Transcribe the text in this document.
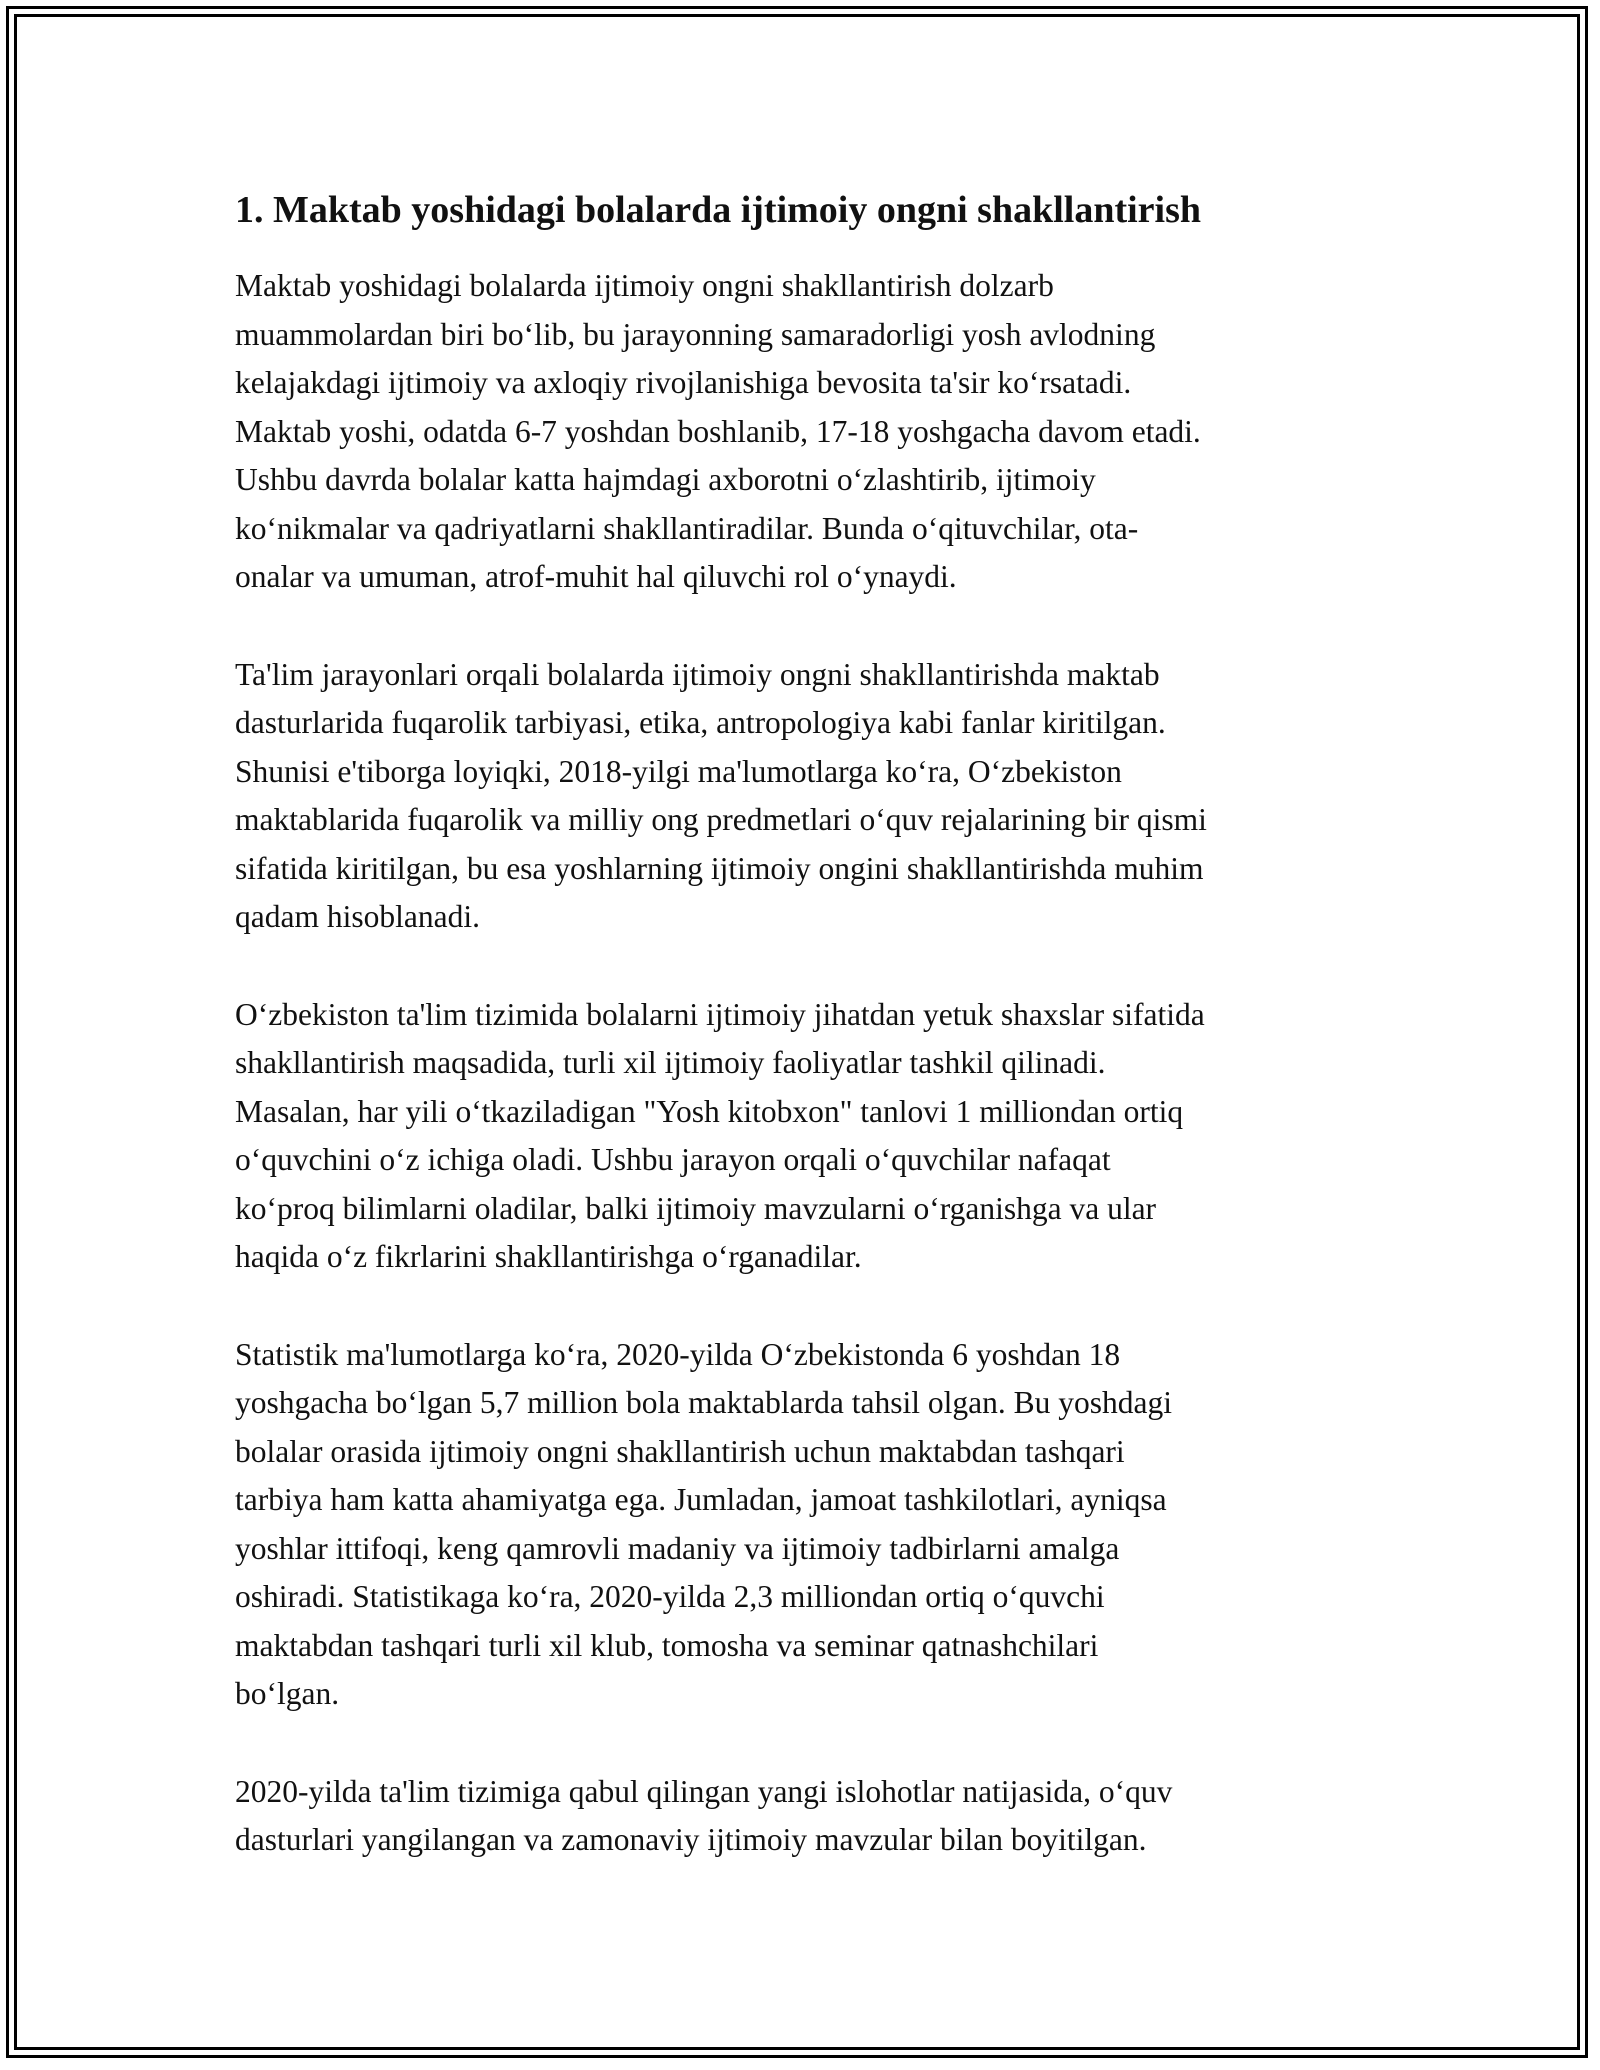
1. Maktab yoshidagi bolalarda ijtimoiy ongni shakllantirish

Maktab yoshidagi bolalarda ijtimoiy ongni shakllantirish dolzarb
muammolardan biri bo‘lib, bu jarayonning samaradorligi yosh avlodning
kelajakdagi ijtimoiy va axloqiy rivojlanishiga bevosita ta'sir ko‘rsatadi.
Maktab yoshi, odatda 6-7 yoshdan boshlanib, 17-18 yoshgacha davom etadi.
Ushbu davrda bolalar katta hajmdagi axborotni o‘zlashtirib, ijtimoiy
ko‘nikmalar va qadriyatlarni shakllantiradilar. Bunda o‘qituvchilar, ota-
onalar va umuman, atrof-muhit hal qiluvchi rol o‘ynaydi.

Ta'lim jarayonlari orqali bolalarda ijtimoiy ongni shakllantirishda maktab
dasturlarida fuqarolik tarbiyasi, etika, antropologiya kabi fanlar kiritilgan.
Shunisi e'tiborga loyiqki, 2018-yilgi ma'lumotlarga ko‘ra, O‘zbekiston
maktablarida fuqarolik va milliy ong predmetlari o‘quv rejalarining bir qismi
sifatida kiritilgan, bu esa yoshlarning ijtimoiy ongini shakllantirishda muhim
qadam hisoblanadi.

O‘zbekiston ta'lim tizimida bolalarni ijtimoiy jihatdan yetuk shaxslar sifatida
shakllantirish maqsadida, turli xil ijtimoiy faoliyatlar tashkil qilinadi.
Masalan, har yili o‘tkaziladigan "Yosh kitobxon" tanlovi 1 milliondan ortiq
o‘quvchini o‘z ichiga oladi. Ushbu jarayon orqali o‘quvchilar nafaqat
ko‘proq bilimlarni oladilar, balki ijtimoiy mavzularni o‘rganishga va ular
haqida o‘z fikrlarini shakllantirishga o‘rganadilar.

Statistik ma'lumotlarga ko‘ra, 2020-yilda O‘zbekistonda 6 yoshdan 18
yoshgacha bo‘lgan 5,7 million bola maktablarda tahsil olgan. Bu yoshdagi
bolalar orasida ijtimoiy ongni shakllantirish uchun maktabdan tashqari
tarbiya ham katta ahamiyatga ega. Jumladan, jamoat tashkilotlari, ayniqsa
yoshlar ittifoqi, keng qamrovli madaniy va ijtimoiy tadbirlarni amalga
oshiradi. Statistikaga ko‘ra, 2020-yilda 2,3 milliondan ortiq o‘quvchi
maktabdan tashqari turli xil klub, tomosha va seminar qatnashchilari
bo‘lgan.

2020-yilda ta'lim tizimiga qabul qilingan yangi islohotlar natijasida, o‘quv
dasturlari yangilangan va zamonaviy ijtimoiy mavzular bilan boyitilgan.
